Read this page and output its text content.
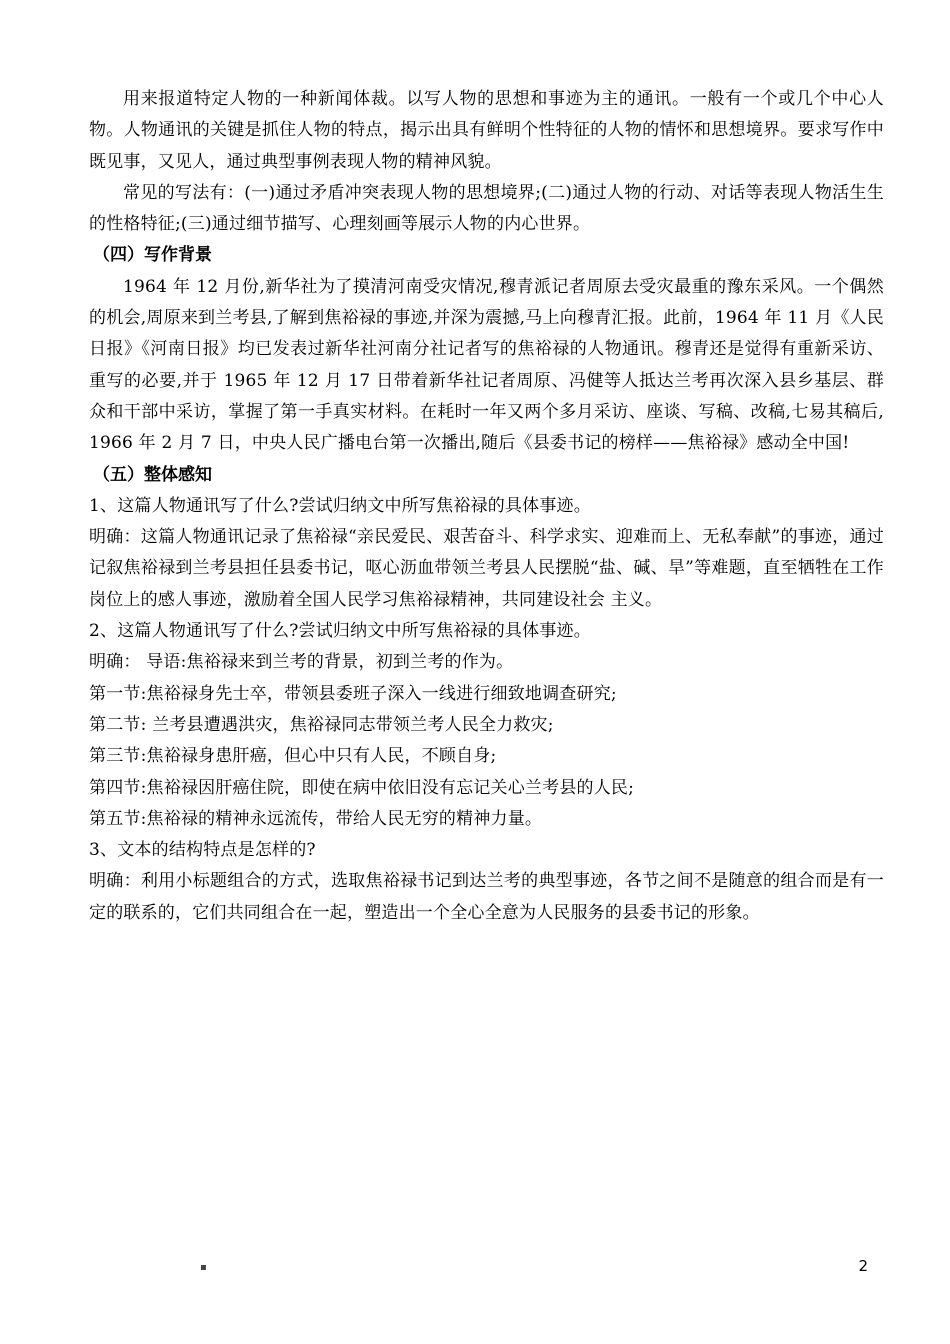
用来报道特定人物的一种新闻体裁。以写人物的思想和事迹为主的通讯。一般有一个或几个中心人物。人物通讯的关键是抓住人物的特点，揭示出具有鲜明个性特征的人物的情怀和思想境界。要求写作中既见事，又见人，通过典型事例表现人物的精神风貌。

常见的写法有：(一)通过矛盾冲突表现人物的思想境界;(二)通过人物的行动、对话等表现人物活生生的性格特征;(三)通过细节描写、心理刻画等展示人物的内心世界。

（四）写作背景

1964 年 12 月份,新华社为了摸清河南受灾情况,穆青派记者周原去受灾最重的豫东采风。一个偶然的机会,周原来到兰考县,了解到焦裕禄的事迹,并深为震撼,马上向穆青汇报。此前，1964 年 11 月《人民日报》《河南日报》均已发表过新华社河南分社记者写的焦裕禄的人物通讯。穆青还是觉得有重新采访、重写的必要,并于 1965 年 12 月 17 日带着新华社记者周原、冯健等人抵达兰考再次深入县乡基层、群众和干部中采访，掌握了第一手真实材料。在耗时一年又两个多月采访、座谈、写稿、改稿,七易其稿后, 1966 年 2 月 7 日，中央人民广播电台第一次播出,随后《县委书记的榜样——焦裕禄》感动全中国!

（五）整体感知

1、这篇人物通讯写了什么?尝试归纳文中所写焦裕禄的具体事迹。

明确：这篇人物通讯记录了焦裕禄“亲民爱民、艰苦奋斗、科学求实、迎难而上、无私奉献”的事迹，通过记叙焦裕禄到兰考县担任县委书记，呕心沥血带领兰考县人民摆脱“盐、碱、旱”等难题，直至牺牲在工作岗位上的感人事迹，激励着全国人民学习焦裕禄精神，共同建设社会 主义。

2、这篇人物通讯写了什么?尝试归纳文中所写焦裕禄的具体事迹。

明确： 导语:焦裕禄来到兰考的背景，初到兰考的作为。

第一节:焦裕禄身先士卒，带领县委班子深入一线进行细致地调查研究;

第二节: 兰考县遭遇洪灾，焦裕禄同志带领兰考人民全力救灾;

第三节:焦裕禄身患肝癌，但心中只有人民，不顾自身;

第四节:焦裕禄因肝癌住院，即使在病中依旧没有忘记关心兰考县的人民;

第五节:焦裕禄的精神永远流传，带给人民无穷的精神力量。

3、文本的结构特点是怎样的?

明确：利用小标题组合的方式，选取焦裕禄书记到达兰考的典型事迹，各节之间不是随意的组合而是有一定的联系的，它们共同组合在一起，塑造出一个全心全意为人民服务的县委书记的形象。

▪	2
